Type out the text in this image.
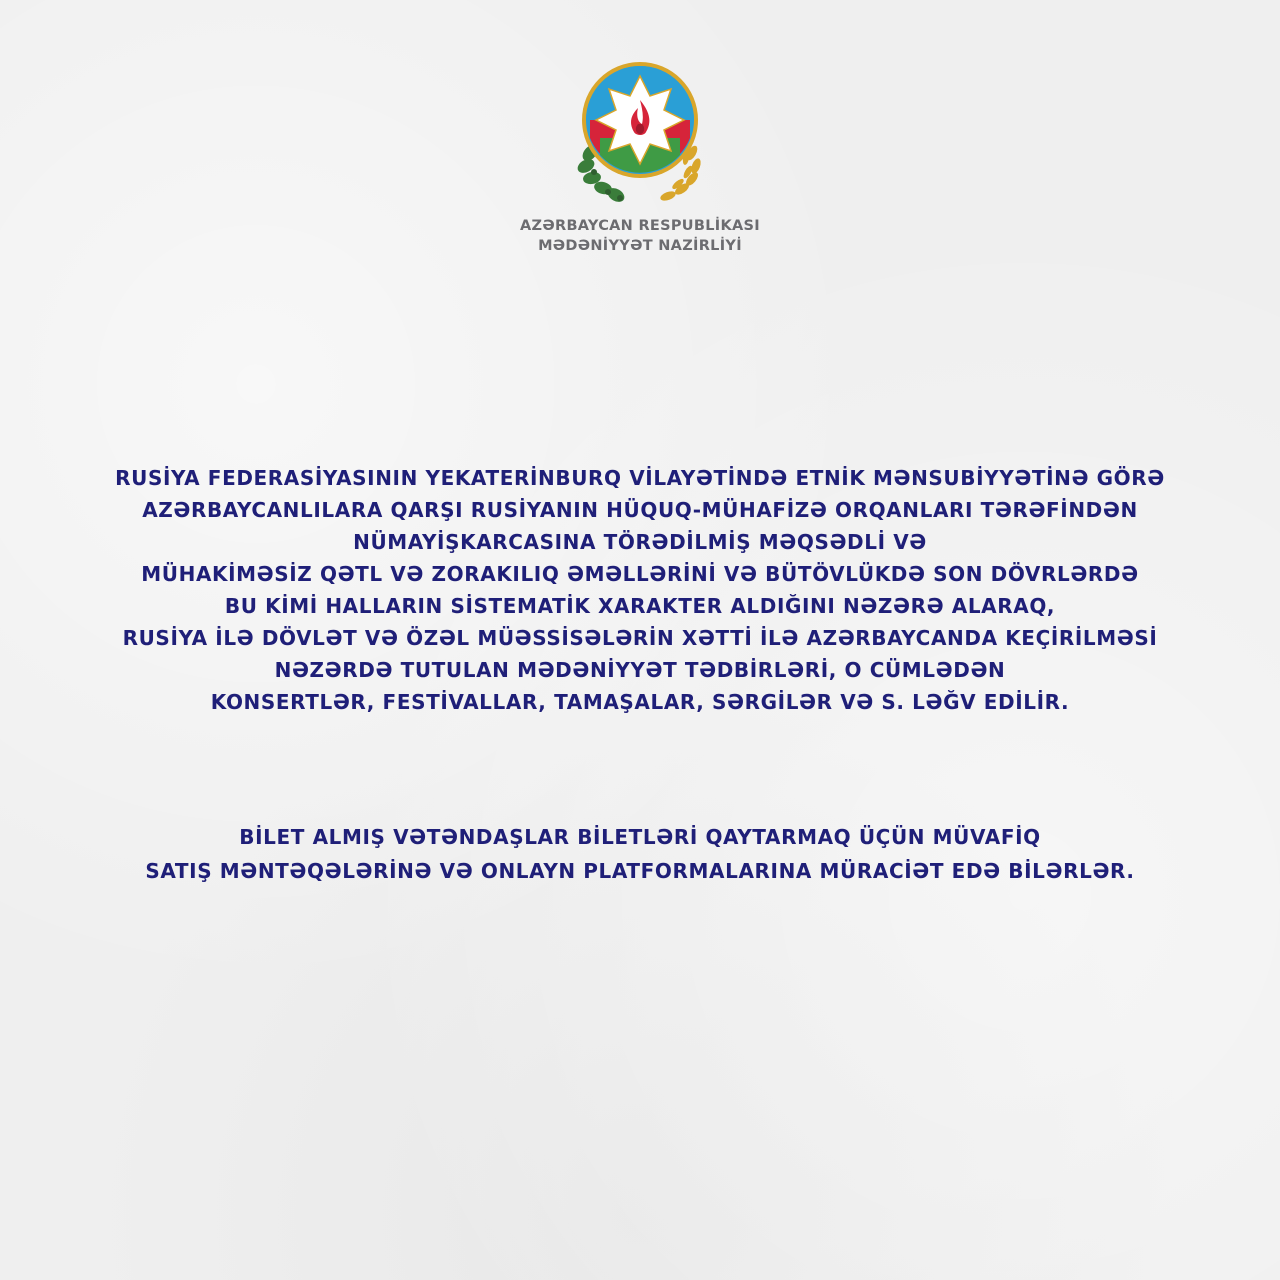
AZƏRBAYCAN RESPUBLİKASI
MƏDƏNİYYƏT NAZİRLİYİ
RUSİYA FEDERASİYASININ YEKATERİNBURQ VİLAYƏTİNDƏ ETNİK MƏNSUBİYYƏTİNƏ GÖRƏ
AZƏRBAYCANLILARA QARŞI RUSİYANIN HÜQUQ-MÜHAFİZƏ ORQANLARI TƏRƏFİNDƏN
NÜMAYİŞKARCASINA TÖRƏDİLMİŞ MƏQSƏDLİ VƏ
MÜHAKİMƏSİZ QƏTL VƏ ZORAKILIQ ƏMƏLLƏRİNİ VƏ BÜTÖVLÜKDƏ SON DÖVRLƏRDƏ
BU KİMİ HALLARIN SİSTEMATİK XARAKTER ALDIĞINI NƏZƏRƏ ALARAQ,
RUSİYA İLƏ DÖVLƏT VƏ ÖZƏL MÜƏSSİSƏLƏRİN XƏTTİ İLƏ AZƏRBAYCANDA KEÇİRİLMƏSİ
NƏZƏRDƏ TUTULAN MƏDƏNİYYƏT TƏDBİRLƏRİ, O CÜMLƏDƏN
KONSERTLƏR, FESTİVALLAR, TAMAŞALAR, SƏRGİLƏR VƏ S. LƏĞV EDİLİR.
BİLET ALMIŞ VƏTƏNDAŞLAR BİLETLƏRİ QAYTARMAQ ÜÇÜN MÜVAFİQ
SATIŞ MƏNTƏQƏLƏRİNƏ VƏ ONLAYN PLATFORMALARINA MÜRACİƏT EDƏ BİLƏRLƏR.
